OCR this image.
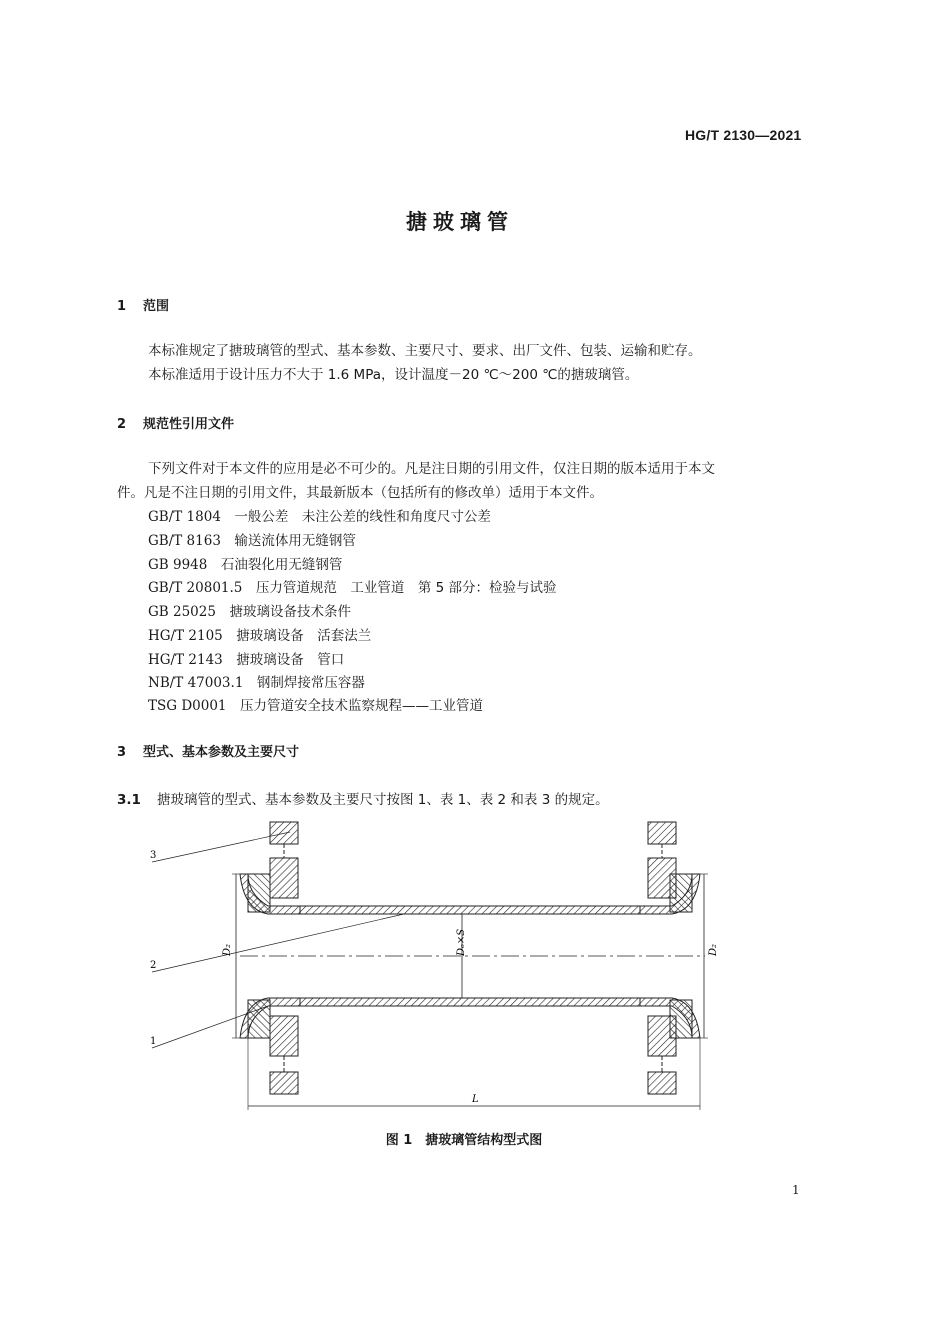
HG/T 2130—2021
搪玻璃管
1 范围
本标准规定了搪玻璃管的型式、基本参数、主要尺寸、要求、出厂文件、包装、运输和贮存。
本标准适用于设计压力不大于 1.6 MPa，设计温度－20 ℃～200 ℃的搪玻璃管。
2 规范性引用文件
下列文件对于本文件的应用是必不可少的。凡是注日期的引用文件，仅注日期的版本适用于本文
件。凡是不注日期的引用文件，其最新版本（包括所有的修改单）适用于本文件。
GB/T 1804　 一般公差　未注公差的线性和角度尺寸公差
GB/T 8163　 输送流体用无缝钢管
GB 9948　 石油裂化用无缝钢管
GB/T 20801.5　 压力管道规范　工业管道　第 5 部分：检验与试验
GB 25025　 搪玻璃设备技术条件
HG/T 2105　 搪玻璃设备　活套法兰
HG/T 2143　 搪玻璃设备　管口
NB/T 47003.1　 钢制焊接常压容器
TSG D0001　 压力管道安全技术监察规程——工业管道
3 型式、基本参数及主要尺寸
3.1 搪玻璃管的型式、基本参数及主要尺寸按图 1、表 1、表 2 和表 3 的规定。
D₂	Dₒ×S	D₂
L
3
2
1
图 1　 搪玻璃管结构型式图
1
